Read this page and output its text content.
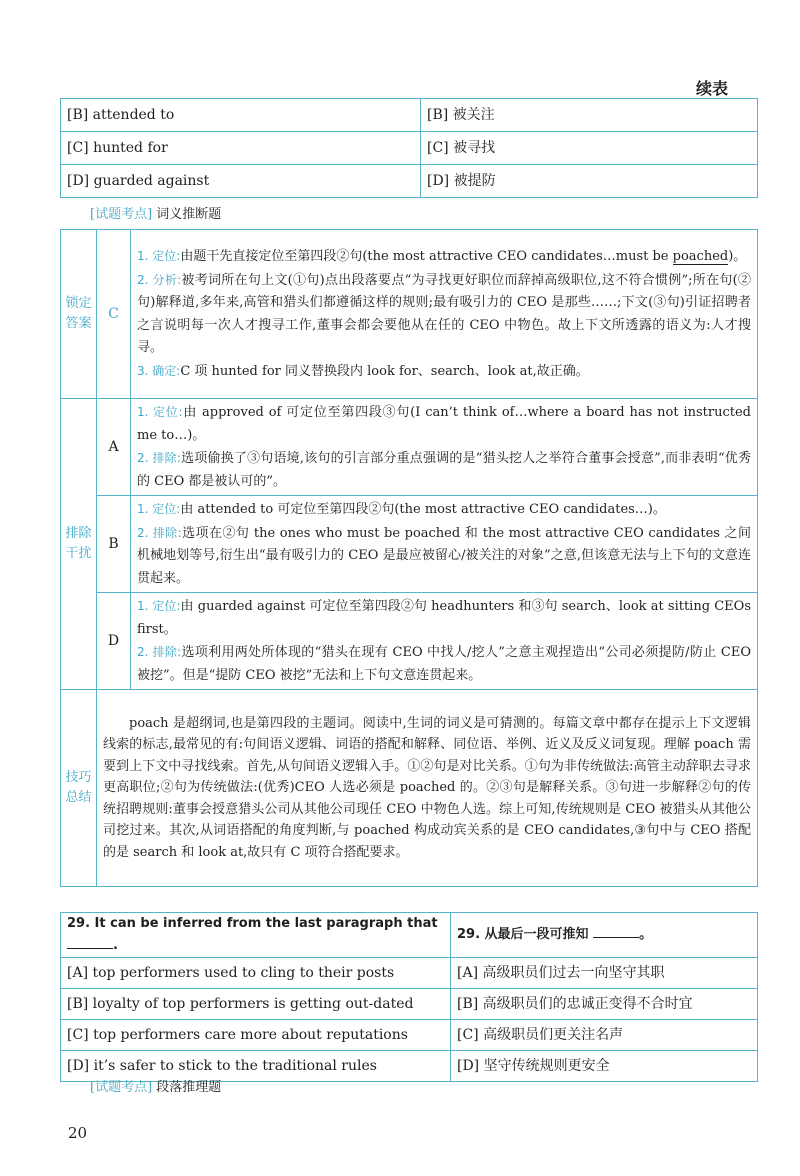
续表
[B] attended to	[B] 被关注
[C] hunted for	[C] 被寻找
[D] guarded against	[D] 被提防
[试题考点] 词义推断题
锁定答案	C	1. 定位:由题干先直接定位至第四段②句(the most attractive CEO candidates…must be poached)。

2. 分析:被考词所在句上文(①句)点出段落要点“为寻找更好职位而辞掉高级职位,这不符合惯例”;所在句(②句)解释道,多年来,高管和猎头们都遵循这样的规则;最有吸引力的 CEO 是那些……;下文(③句)引证招聘者之言说明每一次人才搜寻工作,董事会都会要他从在任的 CEO 中物色。故上下文所透露的语义为:人才搜寻。

3. 确定:C 项 hunted for 同义替换段内 look for、search、look at,故正确。

排除干扰	A	1. 定位:由 approved of 可定位至第四段③句(I can’t think of…where a board has not instructed me to…)。

2. 排除:选项偷换了③句语境,该句的引言部分重点强调的是“猎头挖人之举符合董事会授意”,而非表明“优秀的 CEO 都是被认可的”。

	B	1. 定位:由 attended to 可定位至第四段②句(the most attractive CEO candidates…)。

2. 排除:选项在②句 the ones who must be poached 和 the most attractive CEO candidates 之间机械地划等号,衍生出“最有吸引力的 CEO 是最应被留心/被关注的对象”之意,但该意无法与上下句的文意连贯起来。

	D	1. 定位:由 guarded against 可定位至第四段②句 headhunters 和③句 search、look at sitting CEOs first。

2. 排除:选项利用两处所体现的“猎头在现有 CEO 中找人/挖人”之意主观捏造出“公司必须提防/防止 CEO 被挖”。但是“提防 CEO 被挖”无法和上下句文意连贯起来。

技巧总结	poach 是超纲词,也是第四段的主题词。阅读中,生词的词义是可猜测的。每篇文章中都存在提示上下文逻辑线索的标志,最常见的有:句间语义逻辑、词语的搭配和解释、同位语、举例、近义及反义词复现。理解 poach 需要到上下文中寻找线索。首先,从句间语义逻辑入手。①②句是对比关系。①句为非传统做法:高管主动辞职去寻求更高职位;②句为传统做法:(优秀)CEO 人选必须是 poached 的。②③句是解释关系。③句进一步解释②句的传统招聘规则:董事会授意猎头公司从其他公司现任 CEO 中物色人选。综上可知,传统规则是 CEO 被猎头从其他公司挖过来。其次,从词语搭配的角度判断,与 poached 构成动宾关系的是 CEO candidates,③句中与 CEO 搭配的是 search 和 look at,故只有 C 项符合搭配要求。	

29. It can be inferred from the last paragraph that .	29. 从最后一段可推知 。
[A] top performers used to cling to their posts	[A] 高级职员们过去一向坚守其职
[B] loyalty of top performers is getting out-dated	[B] 高级职员们的忠诚正变得不合时宜
[C] top performers care more about reputations	[C] 高级职员们更关注名声
[D] it’s safer to stick to the traditional rules	[D] 坚守传统规则更安全
[试题考点] 段落推理题
20
